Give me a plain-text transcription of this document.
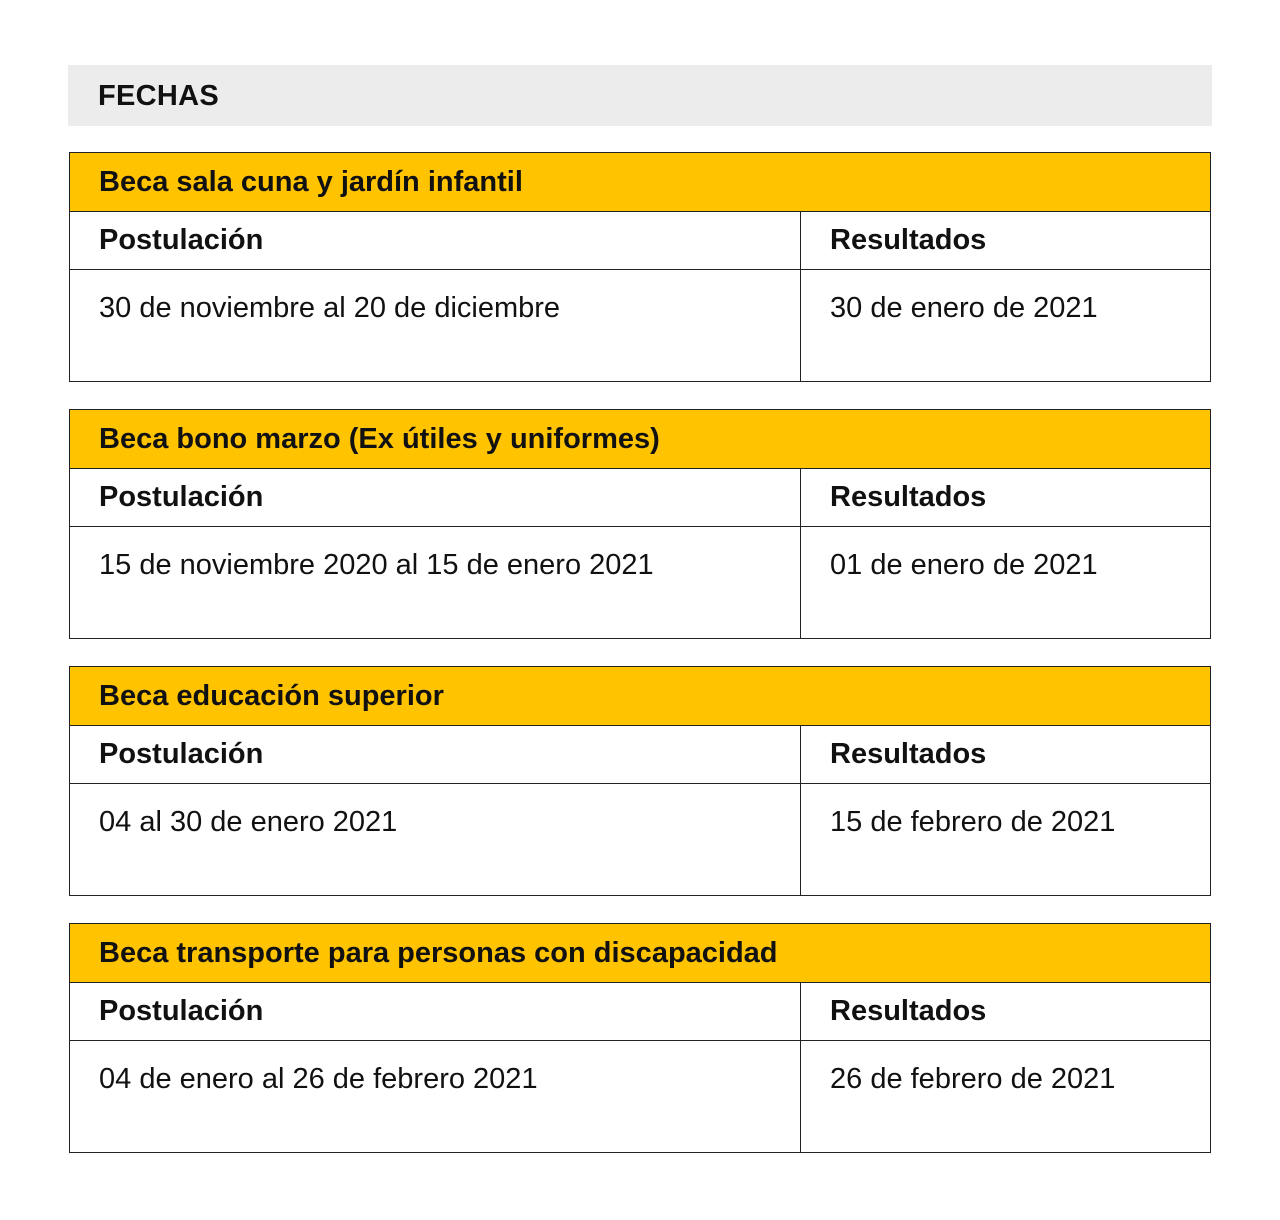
FECHAS
Beca sala cuna y jardín infantil
Postulación	Resultados
30 de noviembre al 20 de diciembre	30 de enero de 2021
Beca bono marzo (Ex útiles y uniformes)
Postulación	Resultados
15 de noviembre 2020 al 15 de enero 2021	01 de enero de 2021
Beca educación superior
Postulación	Resultados
04 al 30 de enero 2021	15 de febrero de 2021
Beca transporte para personas con discapacidad
Postulación	Resultados
04 de enero al 26 de febrero 2021	26 de febrero de 2021
